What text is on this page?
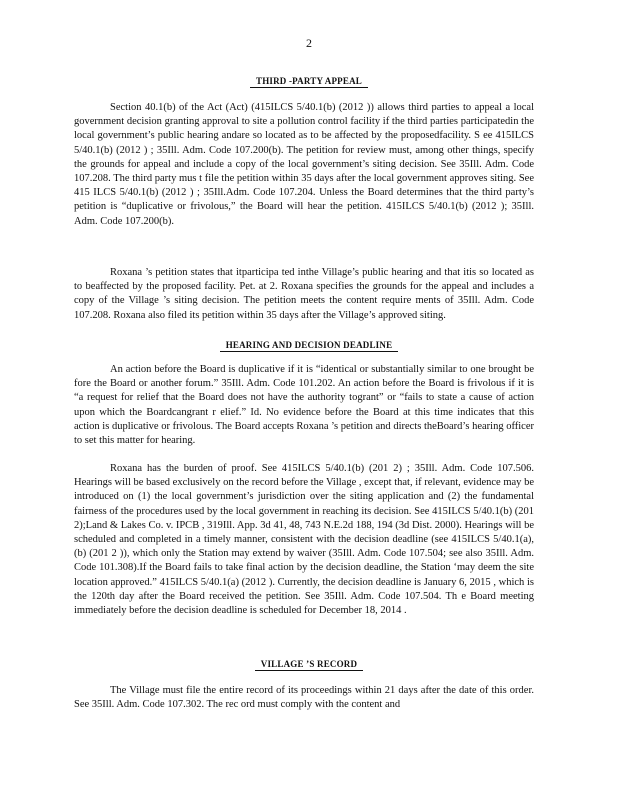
2
THIRD -PARTY APPEAL

Section 40.1(b) of the Act (Act) (415ILCS 5/40.1(b) (2012 )) allows third parties to appeal a local government decision granting approval to site a pollution control facility if the third parties participatedin the local government’s public hearing andare so located as to be affected by the proposedfacility. S ee 415ILCS 5/40.1(b) (2012 ) ; 35Ill. Adm. Code 107.200(b). The petition for review must, among other things, specify the grounds for appeal and include a copy of the local government’s siting decision. See 35Ill. Adm. Code 107.208. The third party mus t file the petition within 35 days after the local government approves siting. See 415 ILCS 5/40.1(b) (2012 ) ; 35Ill.Adm. Code 107.204. Unless the Board determines that the third party’s petition is “duplicative or frivolous,” the Board will hear the petition. 415ILCS 5/40.1(b) (2012 ); 35Ill. Adm. Code 107.200(b).

Roxana ’s petition states that itparticipa ted inthe Village’s public hearing and that itis so located as to beaffected by the proposed facility. Pet. at 2. Roxana specifies the grounds for the appeal and includes a copy of the Village ’s siting decision. The petition meets the content require ments of 35Ill. Adm. Code 107.208. Roxana also filed its petition within 35 days after the Village’s approved siting.

HEARING AND DECISION DEADLINE

An action before the Board is duplicative if it is “identical or substantially similar to one brought be fore the Board or another forum.” 35Ill. Adm. Code 101.202. An action before the Board is frivolous if it is “a request for relief that the Board does not have the authority togrant” or “fails to state a cause of action upon which the Boardcangrant r elief.” Id. No evidence before the Board at this time indicates that this action is duplicative or frivolous. The Board accepts Roxana ’s petition and directs theBoard’s hearing officer to set this matter for hearing.

Roxana has the burden of proof. See 415ILCS 5/40.1(b) (201 2) ; 35Ill. Adm. Code 107.506. Hearings will be based exclusively on the record before the Village , except that, if relevant, evidence may be introduced on (1) the local government’s jurisdiction over the siting application and (2) the fundamental fairness of the procedures used by the local government in reaching its decision. See 415ILCS 5/40.1(b) (201 2);Land & Lakes Co. v. IPCB , 319Ill. App. 3d 41, 48, 743 N.E.2d 188, 194 (3d Dist. 2000). Hearings will be scheduled and completed in a timely manner, consistent with the decision deadline (see 415ILCS 5/40.1(a), (b) (201 2 )), which only the Station may extend by waiver (35Ill. Adm. Code 107.504; see also 35Ill. Adm. Code 101.308).If the Board fails to take final action by the decision deadline, the Station ‘may deem the site location approved.” 415ILCS 5/40.1(a) (2012 ). Currently, the decision deadline is January 6, 2015 , which is the 120th day after the Board received the petition. See 35Ill. Adm. Code 107.504. Th e Board meeting immediately before the decision deadline is scheduled for December 18, 2014 .

VILLAGE ’S RECORD

The Village must file the entire record of its proceedings within 21 days after the date of this order. See 35Ill. Adm. Code 107.302. The rec ord must comply with the content and
